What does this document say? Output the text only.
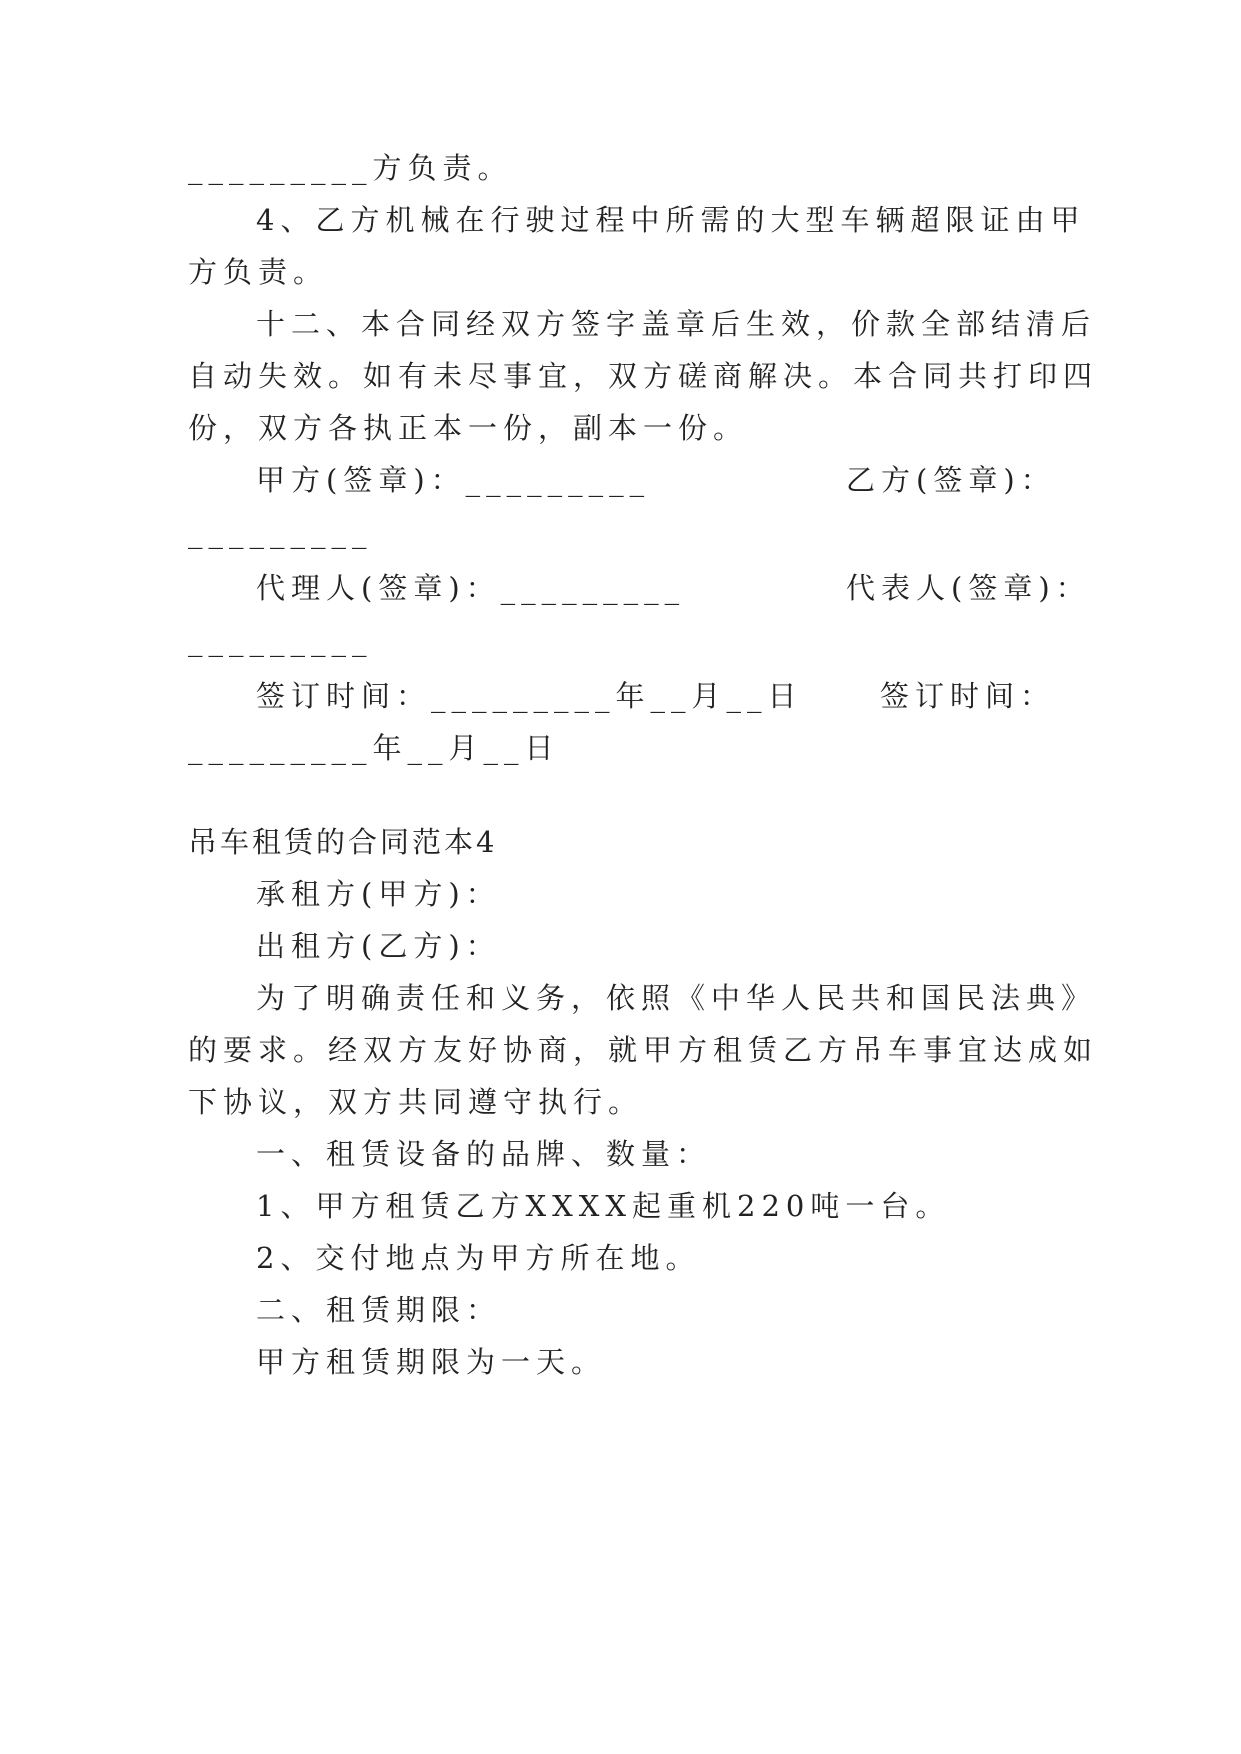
_________方负责。
4、乙方机械在行驶过程中所需的大型车辆超限证由甲
方负责。
十二、本合同经双方签字盖章后生效，价款全部结清后
自动失效。如有未尽事宜，双方磋商解决。本合同共打印四
份，双方各执正本一份，副本一份。
甲方(签章)：_________	乙方(签章)：
_________
代理人(签章)：_________	代表人(签章)：
_________
签订时间：_________年__月__日	签订时间：
_________年__月__日
吊车租赁的合同范本4
承租方(甲方)：
出租方(乙方)：
为了明确责任和义务，依照《中华人民共和国民法典》
的要求。经双方友好协商，就甲方租赁乙方吊车事宜达成如
下协议，双方共同遵守执行。
一、租赁设备的品牌、数量：
1、甲方租赁乙方XXXX起重机220吨一台。
2、交付地点为甲方所在地。
二、租赁期限：
甲方租赁期限为一天。
